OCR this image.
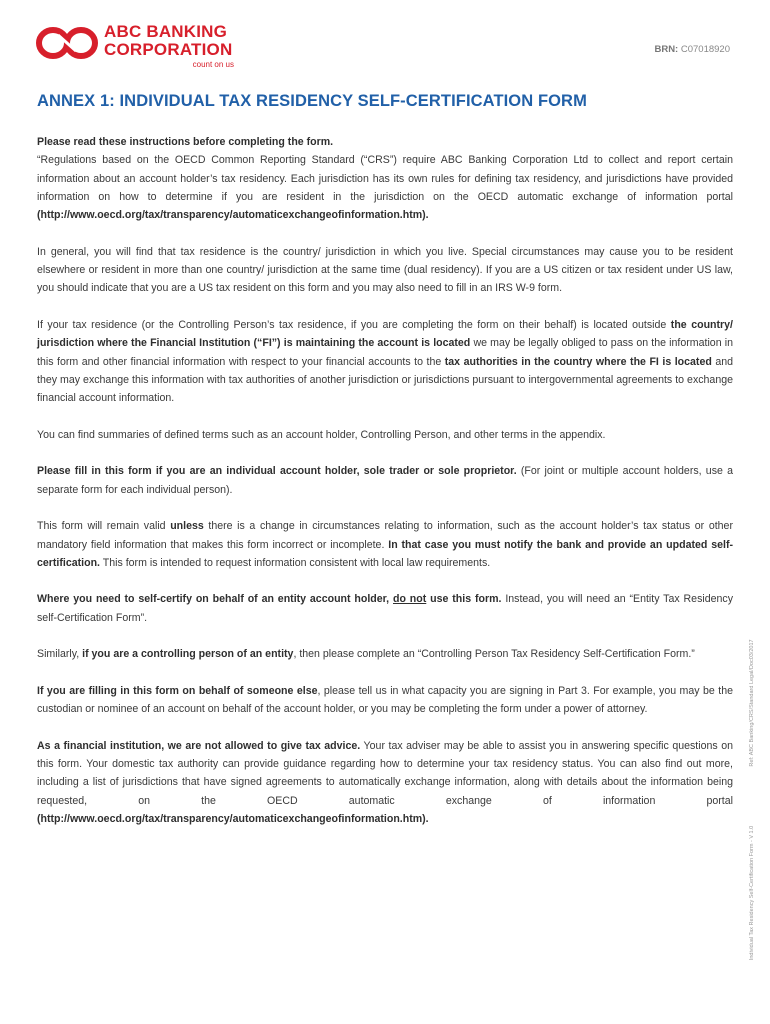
ABC BANKING
CORPORATION
count on us
BRN: C07018920
ANNEX 1: INDIVIDUAL TAX RESIDENCY SELF-CERTIFICATION FORM

Please read these instructions before completing the form.

“Regulations based on the OECD Common Reporting Standard (“CRS”) require ABC Banking Corporation Ltd to collect and report certain information about an account holder’s tax residency. Each jurisdiction has its own rules for defining tax residency, and jurisdictions have provided information on how to determine if you are resident in the jurisdiction on the OECD automatic exchange of information portal (http://www.oecd.org/tax/transparency/automaticexchangeofinformation.htm).

In general, you will find that tax residence is the country/ jurisdiction in which you live. Special circumstances may cause you to be resident elsewhere or resident in more than one country/ jurisdiction at the same time (dual residency). If you are a US citizen or tax resident under US law, you should indicate that you are a US tax resident on this form and you may also need to fill in an IRS W-9 form.

If your tax residence (or the Controlling Person’s tax residence, if you are completing the form on their behalf) is located outside the country/ jurisdiction where the Financial Institution (“FI”) is maintaining the account is located we may be legally obliged to pass on the information in this form and other financial information with respect to your financial accounts to the tax authorities in the country where the FI is located and they may exchange this information with tax authorities of another jurisdiction or jurisdictions pursuant to intergovernmental agreements to exchange financial account information.

You can find summaries of defined terms such as an account holder, Controlling Person, and other terms in the appendix.

Please fill in this form if you are an individual account holder, sole trader or sole proprietor. (For joint or multiple account holders, use a separate form for each individual person).

This form will remain valid unless there is a change in circumstances relating to information, such as the account holder’s tax status or other mandatory field information that makes this form incorrect or incomplete. In that case you must notify the bank and provide an updated self-certification. This form is intended to request information consistent with local law requirements.

Where you need to self-certify on behalf of an entity account holder, do not use this form. Instead, you will need an “Entity Tax Residency self-Certification Form”.

Similarly, if you are a controlling person of an entity, then please complete an “Controlling Person Tax Residency Self-Certification Form.”

If you are filling in this form on behalf of someone else, please tell us in what capacity you are signing in Part 3. For example, you may be the custodian or nominee of an account on behalf of the account holder, or you may be completing the form under a power of attorney.

As a financial institution, we are not allowed to give tax advice. Your tax adviser may be able to assist you in answering specific questions on this form. Your domestic tax authority can provide guidance regarding how to determine your tax residency status. You can also find out more, including a list of jurisdictions that have signed agreements to automatically exchange information, along with details about the information being requested, on the OECD automatic exchange of information portal (http://www.oecd.org/tax/transparency/automaticexchangeofinformation.htm).

Ref: ABC Banking/CRS/Standard Legal/Doc03/2017
Individual Tax Residency Self-Certification Form - V 1.0
